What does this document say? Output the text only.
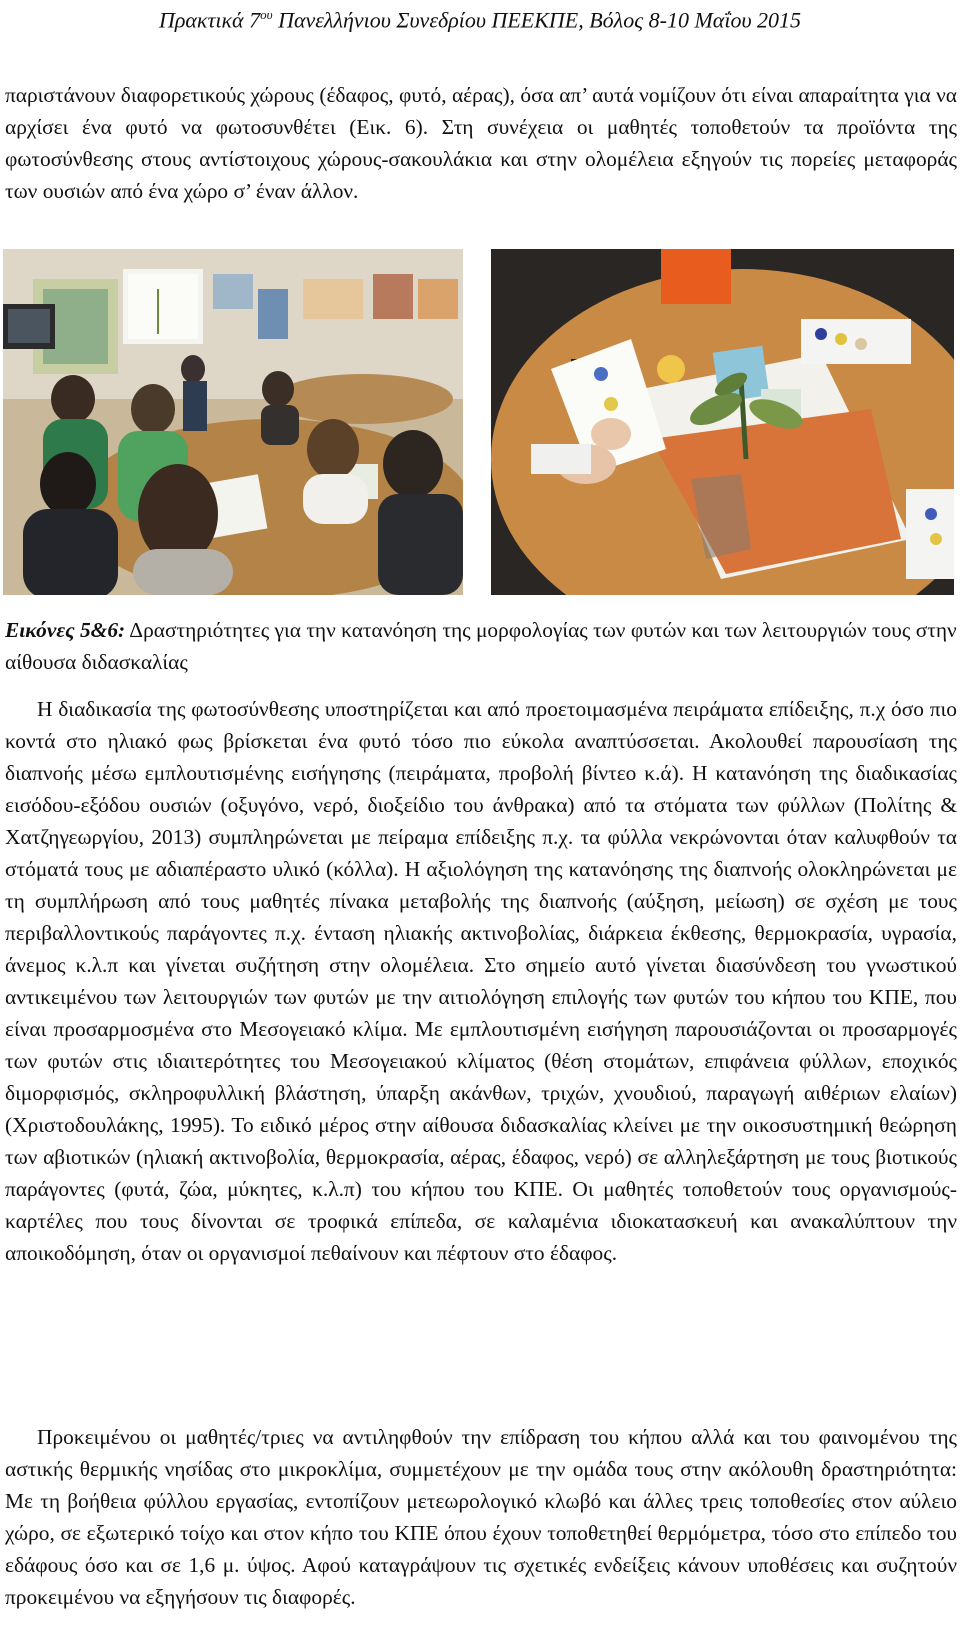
Πρακτικά $7^{o\upsilon}$ Πανελλήνιου Συνεδρίου ΠΕΕΚΠΕ, Βόλος 8-10 Μαΐου 2015

παριστάνουν διαφορετικούς χώρους (έδαφος, φυτό, αέρας), όσα απ’ αυτά νομίζουν ότι είναι απαραίτητα για να αρχίσει ένα φυτό να φωτοσυνθέτει (Εικ. 6). Στη συνέχεια οι μαθητές τοποθετούν τα προϊόντα της φωτοσύνθεσης στους αντίστοιχους χώρους-σακουλάκια και στην ολομέλεια εξηγούν τις πορείες μεταφοράς των ουσιών από ένα χώρο σ’ έναν άλλον.

Εικόνες 5&6: Δραστηριότητες για την κατανόηση της μορφολογίας των φυτών και των λειτουργιών τους στην αίθουσα διδασκαλίας

Η διαδικασία της φωτοσύνθεσης υποστηρίζεται και από προετοιμασμένα πειράματα επίδειξης, π.χ όσο πιο κοντά στο ηλιακό φως βρίσκεται ένα φυτό τόσο πιο εύκολα αναπτύσσεται. Ακολουθεί παρουσίαση της διαπνοής μέσω εμπλουτισμένης εισήγησης (πειράματα, προβολή βίντεο κ.ά). Η κατανόηση της διαδικασίας εισόδου-εξόδου ουσιών (οξυγόνο, νερό, διοξείδιο του άνθρακα) από τα στόματα των φύλλων (Πολίτης & Χατζηγεωργίου, 2013) συμπληρώνεται με πείραμα επίδειξης π.χ. τα φύλλα νεκρώνονται όταν καλυφθούν τα στόματά τους με αδιαπέραστο υλικό (κόλλα). Η αξιολόγηση της κατανόησης της διαπνοής ολοκληρώνεται με τη συμπλήρωση από τους μαθητές πίνακα μεταβολής της διαπνοής (αύξηση, μείωση) σε σχέση με τους περιβαλλοντικούς παράγοντες π.χ. ένταση ηλιακής ακτινοβολίας, διάρκεια έκθεσης, θερμοκρασία, υγρασία, άνεμος κ.λ.π και γίνεται συζήτηση στην ολομέλεια. Στο σημείο αυτό γίνεται διασύνδεση του γνωστικού αντικειμένου των λειτουργιών των φυτών με την αιτιολόγηση επιλογής των φυτών του κήπου του ΚΠΕ, που είναι προσαρμοσμένα στο Μεσογειακό κλίμα. Με εμπλουτισμένη εισήγηση παρουσιάζονται οι προσαρμογές των φυτών στις ιδιαιτερότητες του Μεσογειακού κλίματος (θέση στομάτων, επιφάνεια φύλλων, εποχικός διμορφισμός, σκληροφυλλική βλάστηση, ύπαρξη ακάνθων, τριχών, χνουδιού, παραγωγή αιθέριων ελαίων) (Χριστοδουλάκης, 1995). Το ειδικό μέρος στην αίθουσα διδασκαλίας κλείνει με την οικοσυστημική θεώρηση των αβιοτικών (ηλιακή ακτινοβολία, θερμοκρασία, αέρας, έδαφος, νερό) σε αλληλεξάρτηση με τους βιοτικούς παράγοντες (φυτά, ζώα, μύκητες, κ.λ.π) του κήπου του ΚΠΕ. Οι μαθητές τοποθετούν τους οργανισμούς-καρτέλες που τους δίνονται σε τροφικά επίπεδα, σε καλαμένια ιδιοκατασκευή και ανακαλύπτουν την αποικοδόμηση, όταν οι οργανισμοί πεθαίνουν και πέφτουν στο έδαφος.

Προκειμένου οι μαθητές/τριες να αντιληφθούν την επίδραση του κήπου αλλά και του φαινομένου της αστικής θερμικής νησίδας στο μικροκλίμα, συμμετέχουν με την ομάδα τους στην ακόλουθη δραστηριότητα: Με τη βοήθεια φύλλου εργασίας, εντοπίζουν μετεωρολογικό κλωβό και άλλες τρεις τοποθεσίες στον αύλειο χώρο, σε εξωτερικό τοίχο και στον κήπο του ΚΠΕ όπου έχουν τοποθετηθεί θερμόμετρα, τόσο στο επίπεδο του εδάφους όσο και σε 1,6 μ. ύψος. Αφού καταγράψουν τις σχετικές ενδείξεις κάνουν υποθέσεις και συζητούν προκειμένου να εξηγήσουν τις διαφορές.
